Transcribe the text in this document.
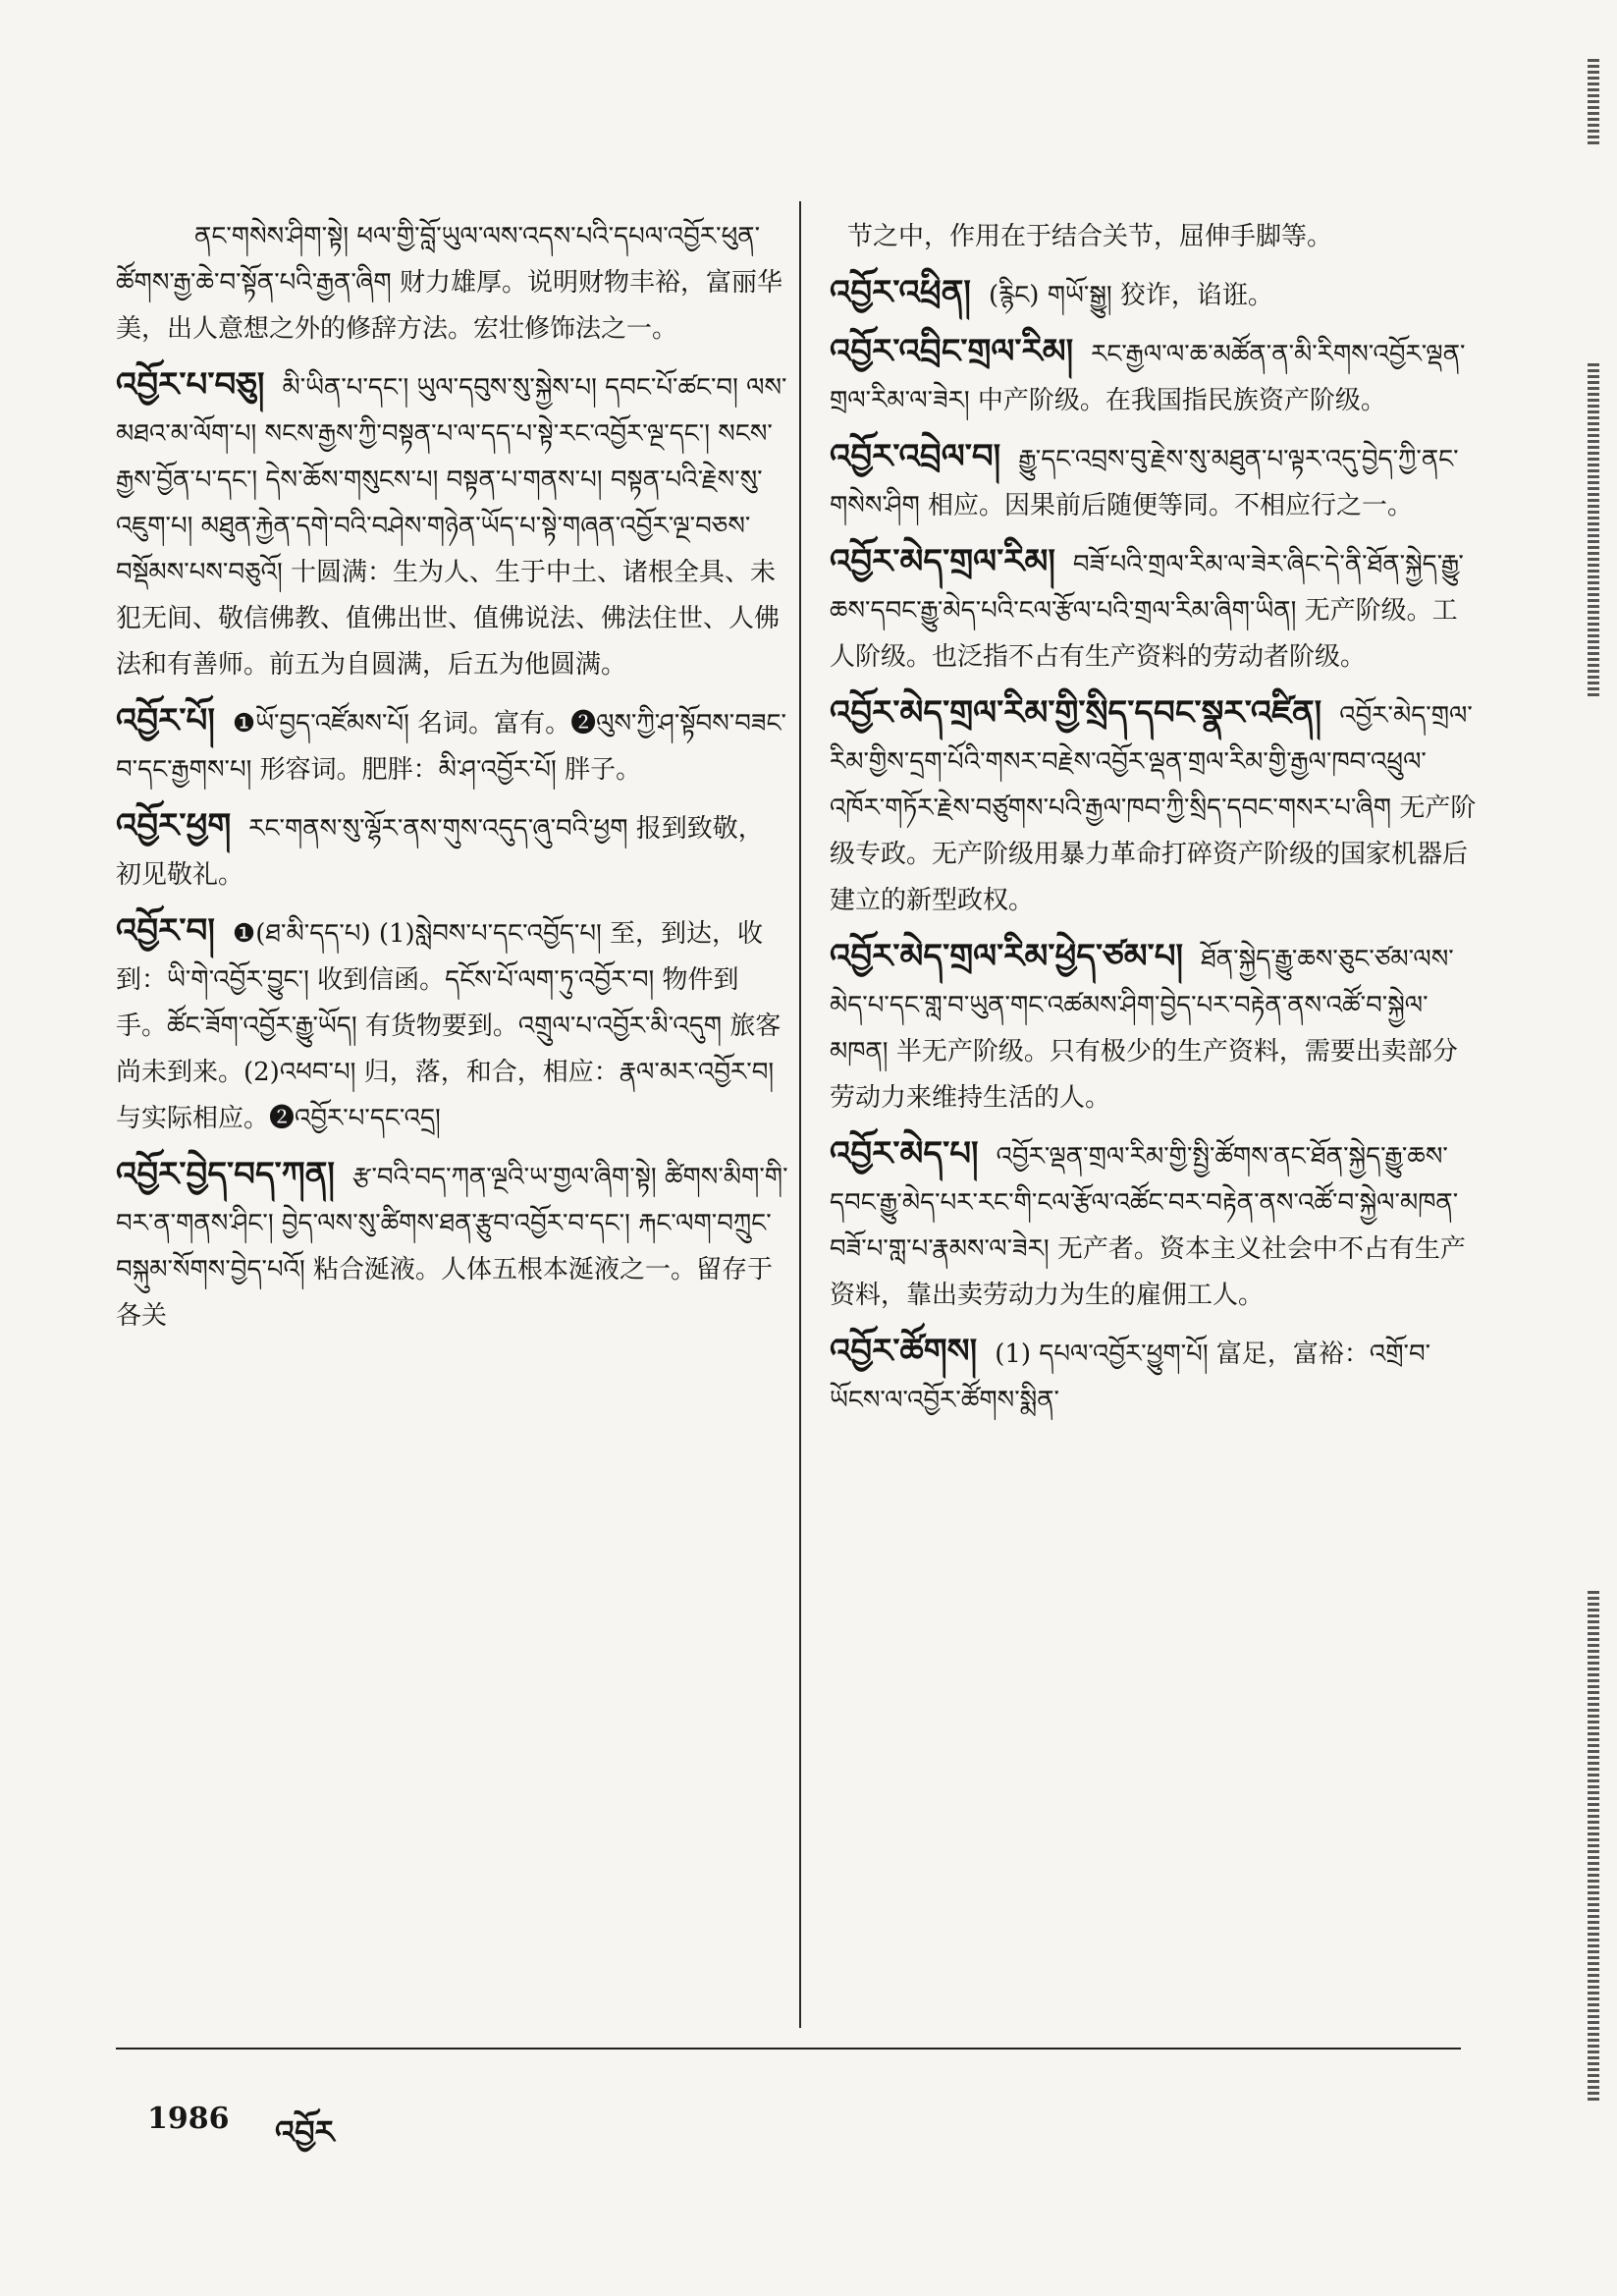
ནང་གསེས་ཤིག་སྟེ། ཕལ་གྱི་བློ་ཡུལ་ལས་འདས་པའི་དཔལ་འབྱོར་ཕུན་ཚོགས་རྒྱ་ཆེ་བ་སྟོན་པའི་རྒྱན་ཞིག 财力雄厚。说明财物丰裕，富丽华美，出人意想之外的修辞方法。宏壮修饰法之一。
འབྱོར་པ་བཅུ། མི་ཡིན་པ་དང་། ཡུལ་དབུས་སུ་སྐྱེས་པ། དབང་པོ་ཚང་བ། ལས་མཐའ་མ་ལོག་པ། སངས་རྒྱས་ཀྱི་བསྟན་པ་ལ་དད་པ་སྟེ་རང་འབྱོར་ལྔ་དང་། སངས་རྒྱས་བྱོན་པ་དང་། དེས་ཆོས་གསུངས་པ། བསྟན་པ་གནས་པ། བསྟན་པའི་རྗེས་སུ་འཇུག་པ། མཐུན་རྐྱེན་དགེ་བའི་བཤེས་གཉེན་ཡོད་པ་སྟེ་གཞན་འབྱོར་ལྔ་བཅས་བསྡོམས་པས་བཅུའོ། 十圆满：生为人、生于中土、诸根全具、未犯无间、敬信佛教、值佛出世、值佛说法、佛法住世、人佛法和有善师。前五为自圆满，后五为他圆满。
འབྱོར་པོ། ❶ཡོ་བྱད་འཛོམས་པོ། 名词。富有。❷ལུས་ཀྱི་ཤ་སྟོབས་བཟང་བ་དང་རྒྱགས་པ། 形容词。肥胖：མི་ཤ་འབྱོར་པོ། 胖子。
འབྱོར་ཕྱག རང་གནས་སུ་ལྷོར་ནས་གུས་འདུད་ཞུ་བའི་ཕྱག 报到致敬，初见敬礼。
འབྱོར་བ། ❶(ཐ་མི་དད་པ) (1)སླེབས་པ་དང་འབྱོད་པ། 至，到达，收到：ཡི་གེ་འབྱོར་བྱུང་། 收到信函。དངོས་པོ་ལག་ཏུ་འབྱོར་བ། 物件到手。ཚོང་ཟོག་འབྱོར་རྒྱུ་ཡོད། 有货物要到。འགྲུལ་པ་འབྱོར་མི་འདུག 旅客尚未到来。(2)འཕབ་པ། 归，落，和合，相应：རྣལ་མར་འབྱོར་བ། 与实际相应。❷འབྱོར་པ་དང་འདྲ།
འབྱོར་བྱེད་བད་ཀན། རྩ་བའི་བད་ཀན་ལྔའི་ཡ་གྱལ་ཞིག་སྟེ། ཚིགས་མིག་གི་བར་ན་གནས་ཤིང་། བྱེད་ལས་སུ་ཚིགས་ཐན་རྩུབ་འབྱོར་བ་དང་། རྐང་ལག་བཀྲུང་བསྐུམ་སོགས་བྱེད་པའོ། 粘合涎液。人体五根本涎液之一。留存于各关
节之中，作用在于结合关节，屈伸手脚等。
འབྱོར་འཕྲིན། (རྙིང) གཡོ་སྒྱུ། 狡诈，谄诳。
འབྱོར་འབྲིང་གྲལ་རིམ། རང་རྒྱལ་ལ་ཆ་མཚོན་ན་མི་རིགས་འབྱོར་ལྡན་གྲལ་རིམ་ལ་ཟེར། 中产阶级。在我国指民族资产阶级。
འབྱོར་འབྲེལ་བ། རྒྱུ་དང་འབྲས་བུ་རྗེས་སུ་མཐུན་པ་ལྟར་འདུ་བྱེད་ཀྱི་ནང་གསེས་ཤིག 相应。因果前后随便等同。不相应行之一。
འབྱོར་མེད་གྲལ་རིམ། བཟོ་པའི་གྲལ་རིམ་ལ་ཟེར་ཞིང་དེ་ནི་ཐོན་སྐྱེད་རྒྱུ་ཆས་དབང་རྒྱུ་མེད་པའི་ངལ་རྩོལ་པའི་གྲལ་རིམ་ཞིག་ཡིན། 无产阶级。工人阶级。也泛指不占有生产资料的劳动者阶级。
འབྱོར་མེད་གྲལ་རིམ་གྱི་སྲིད་དབང་སྣར་འཛིན། འབྱོར་མེད་གྲལ་རིམ་གྱིས་དྲག་པོའི་གསར་བརྗེས་འབྱོར་ལྡན་གྲལ་རིམ་གྱི་རྒྱལ་ཁབ་འཕྲུལ་འཁོར་གཏོར་རྗེས་བཙུགས་པའི་རྒྱལ་ཁབ་ཀྱི་སྲིད་དབང་གསར་པ་ཞིག 无产阶级专政。无产阶级用暴力革命打碎资产阶级的国家机器后建立的新型政权。
འབྱོར་མེད་གྲལ་རིམ་ཕྱེད་ཙམ་པ། ཐོན་སྐྱེད་རྒྱུ་ཆས་ཅུང་ཙམ་ལས་མེད་པ་དང་གླ་བ་ཡུན་གང་འཚམས་ཤིག་བྱེད་པར་བརྟེན་ནས་འཚོ་བ་སྐྱེལ་མཁན། 半无产阶级。只有极少的生产资料，需要出卖部分劳动力来维持生活的人。
འབྱོར་མེད་པ། འབྱོར་ལྡན་གྲལ་རིམ་གྱི་སྤྱི་ཚོགས་ནང་ཐོན་སྐྱེད་རྒྱུ་ཆས་དབང་རྒྱུ་མེད་པར་རང་གི་ངལ་རྩོལ་འཚོང་བར་བརྟེན་ནས་འཚོ་བ་སྐྱེལ་མཁན་བཟོ་པ་གླ་པ་རྣམས་ལ་ཟེར། 无产者。资本主义社会中不占有生产资料，靠出卖劳动力为生的雇佣工人。
འབྱོར་ཚོགས། (1) དཔལ་འབྱོར་ཕྱུག་པོ། 富足，富裕：འགྲོ་བ་ཡོངས་ལ་འབྱོར་ཚོགས་སྨིན་
1986 འབྱོར
